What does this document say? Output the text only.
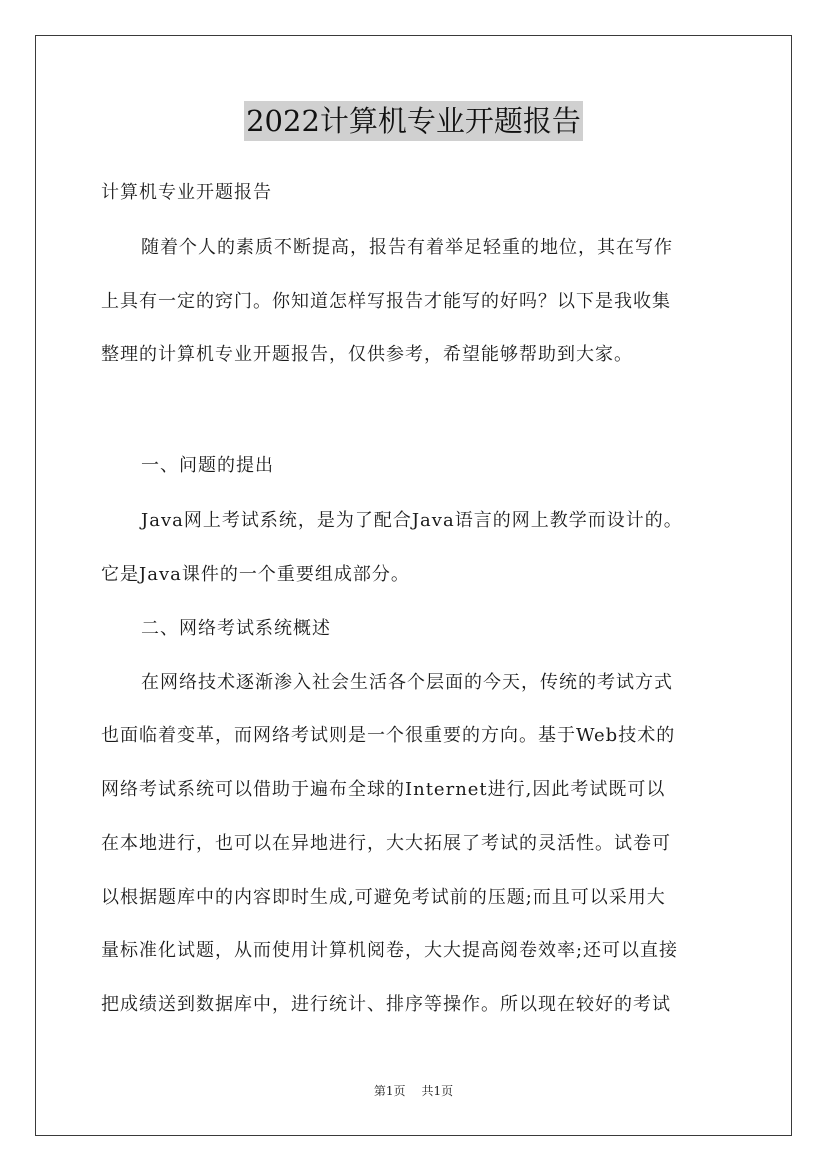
2022计算机专业开题报告
计算机专业开题报告
随着个人的素质不断提高，报告有着举足轻重的地位，其在写作
上具有一定的窍门。你知道怎样写报告才能写的好吗？以下是我收集
整理的计算机专业开题报告，仅供参考，希望能够帮助到大家。
一、问题的提出
Java网上考试系统，是为了配合Java语言的网上教学而设计的。
它是Java课件的一个重要组成部分。
二、网络考试系统概述
在网络技术逐渐渗入社会生活各个层面的今天，传统的考试方式
也面临着变革，而网络考试则是一个很重要的方向。基于Web技术的
网络考试系统可以借助于遍布全球的Internet进行,因此考试既可以
在本地进行，也可以在异地进行，大大拓展了考试的灵活性。试卷可
以根据题库中的内容即时生成,可避免考试前的压题;而且可以采用大
量标准化试题，从而使用计算机阅卷，大大提高阅卷效率;还可以直接
把成绩送到数据库中，进行统计、排序等操作。所以现在较好的考试
第1页 共1页
